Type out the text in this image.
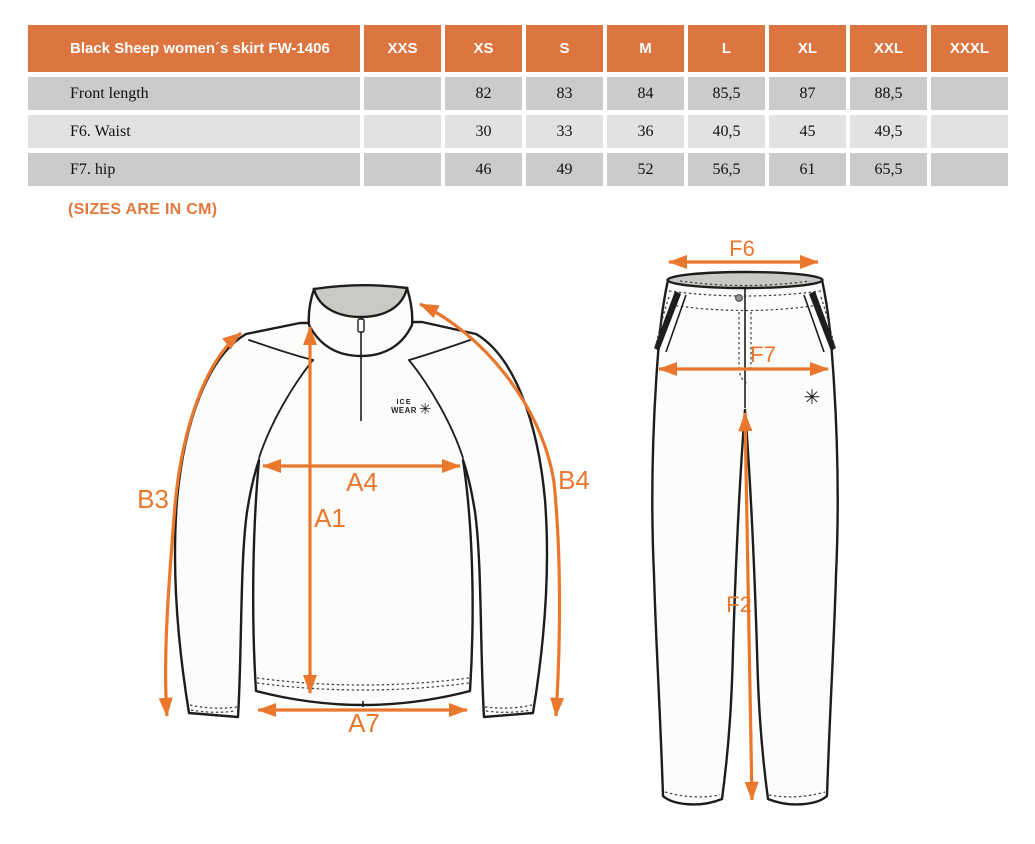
Black Sheep women´s skirt FW-1406	XXS	XS	S	M	L	XL	XXL	XXXL
Front length		82	83	84	85,5	87	88,5	
F6. Waist		30	33	36	40,5	45	49,5	
F7. hip		46	49	52	56,5	61	65,5	
(SIZES ARE IN CM)
ICE
WEAR ✳
B3
B4
A4
A1
A7
✳
F6
F7
F2
